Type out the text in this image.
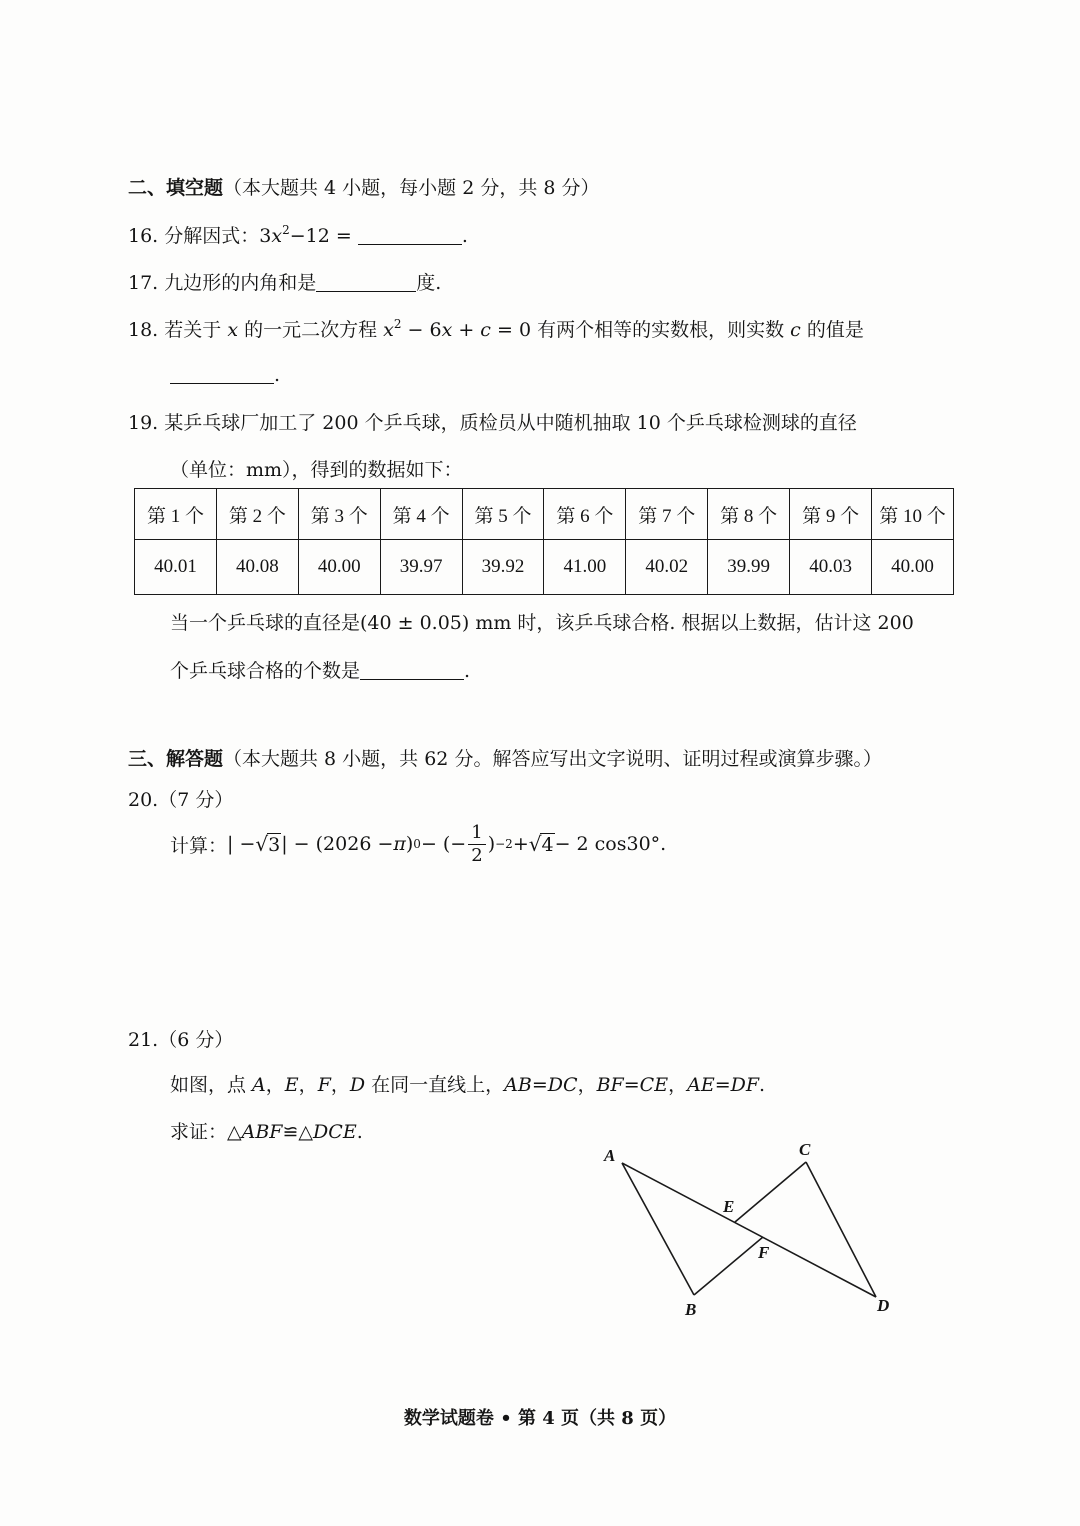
二、填空题（本大题共 4 小题，每小题 2 分，共 8 分）
16. 分解因式：$3x^2-12$ =	.
17. 九边形的内角和是	度.
18. 若关于 x 的一元二次方程 $x^2 - 6x + c = 0$ 有两个相等的实数根，则实数 c 的值是
.
19. 某乒乓球厂加工了 200 个乒乓球，质检员从中随机抽取 10 个乒乓球检测球的直径
（单位：mm），得到的数据如下：
第 1 个	第 2 个	第 3 个	第 4 个	第 5 个	第 6 个	第 7 个	第 8 个	第 9 个	第 10 个
40.01	40.08	40.00	39.97	39.92	41.00	40.02	39.99	40.03	40.00
当一个乒乓球的直径是(40 ± 0.05) mm 时，该乒乓球合格. 根据以上数据，估计这 200
个乒乓球合格的个数是	.
三、解答题（本大题共 8 小题，共 62 分。解答应写出文字说明、证明过程或演算步骤。）
20.（7 分）
计算： | − √ 3 | − (2026 − π ) 0 − (− $\frac{1}{2}$ ) −2 + √ 4 − 2 cos30°.
21.（6 分）
如图，点 A，E，F，D 在同一直线上，AB=DC，BF=CE，AE=DF.
求证：△ABF≌△DCE.
A
B
C
D
E
F
数学试题卷 • 第 4 页（共 8 页）
